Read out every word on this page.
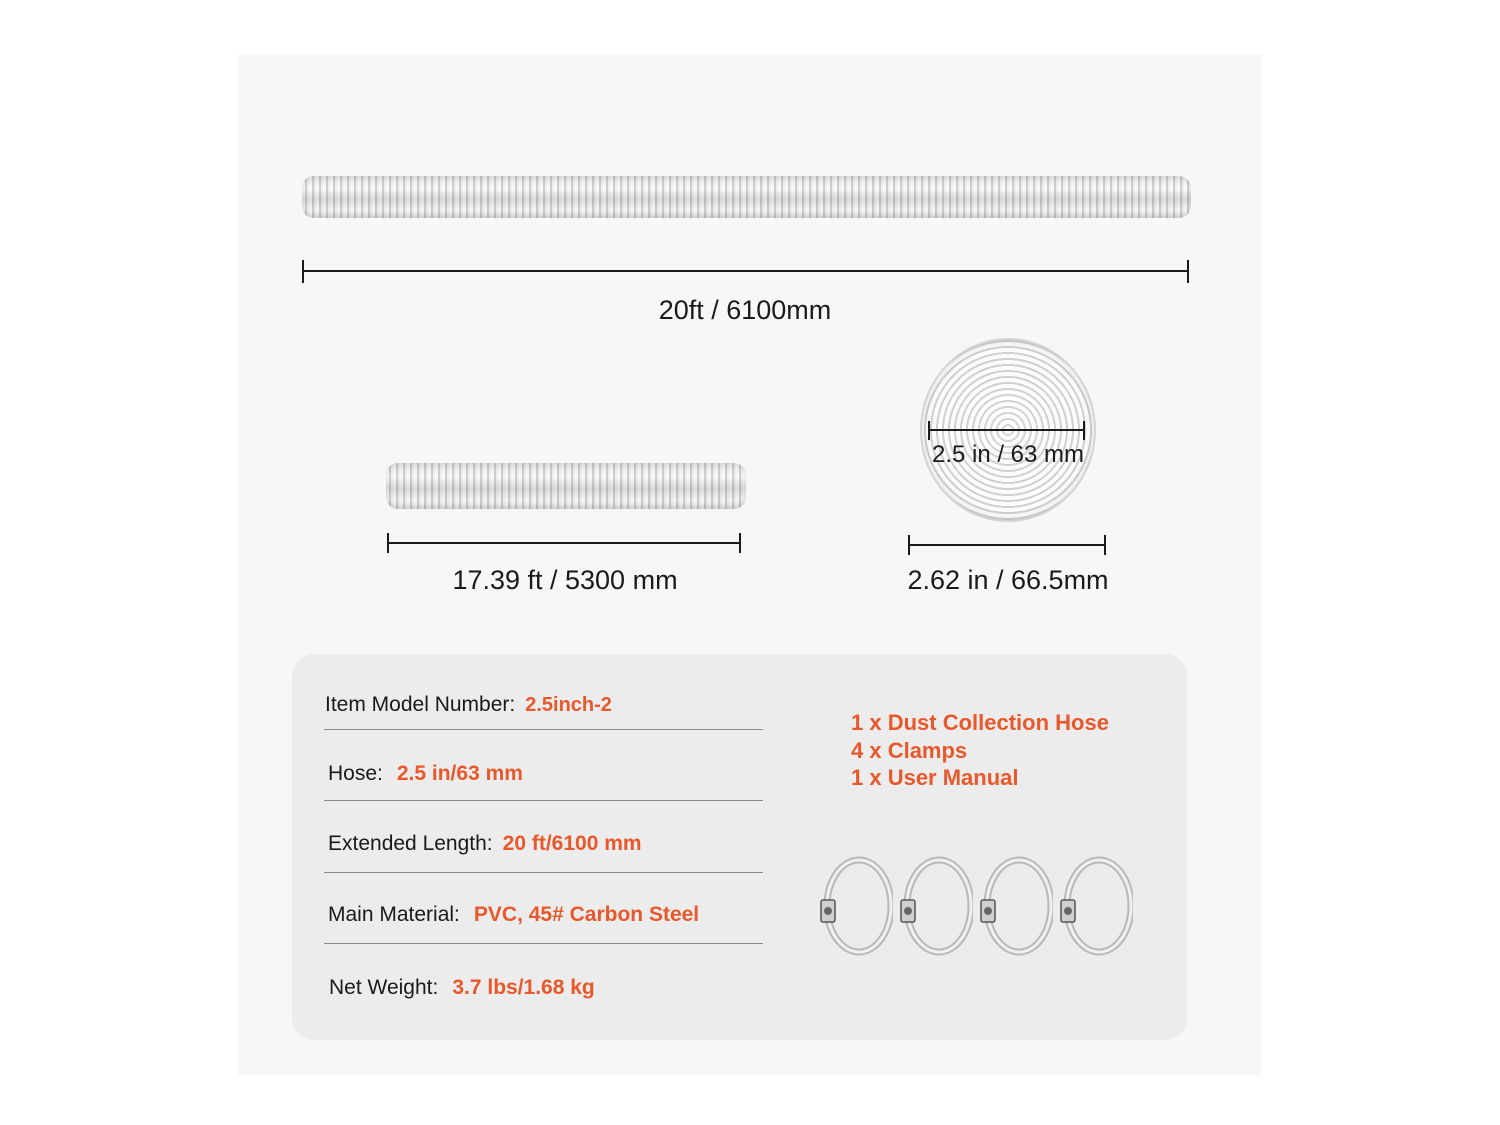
20ft / 6100mm
17.39 ft / 5300 mm
2.5 in / 63 mm
2.62 in / 66.5mm
Item Model Number: 2.5inch-2
Hose: 2.5 in/63 mm
Extended Length: 20 ft/6100 mm
Main Material: PVC, 45# Carbon Steel
Net Weight: 3.7 lbs/1.68 kg
1 x Dust Collection Hose
4 x Clamps
1 x User Manual
